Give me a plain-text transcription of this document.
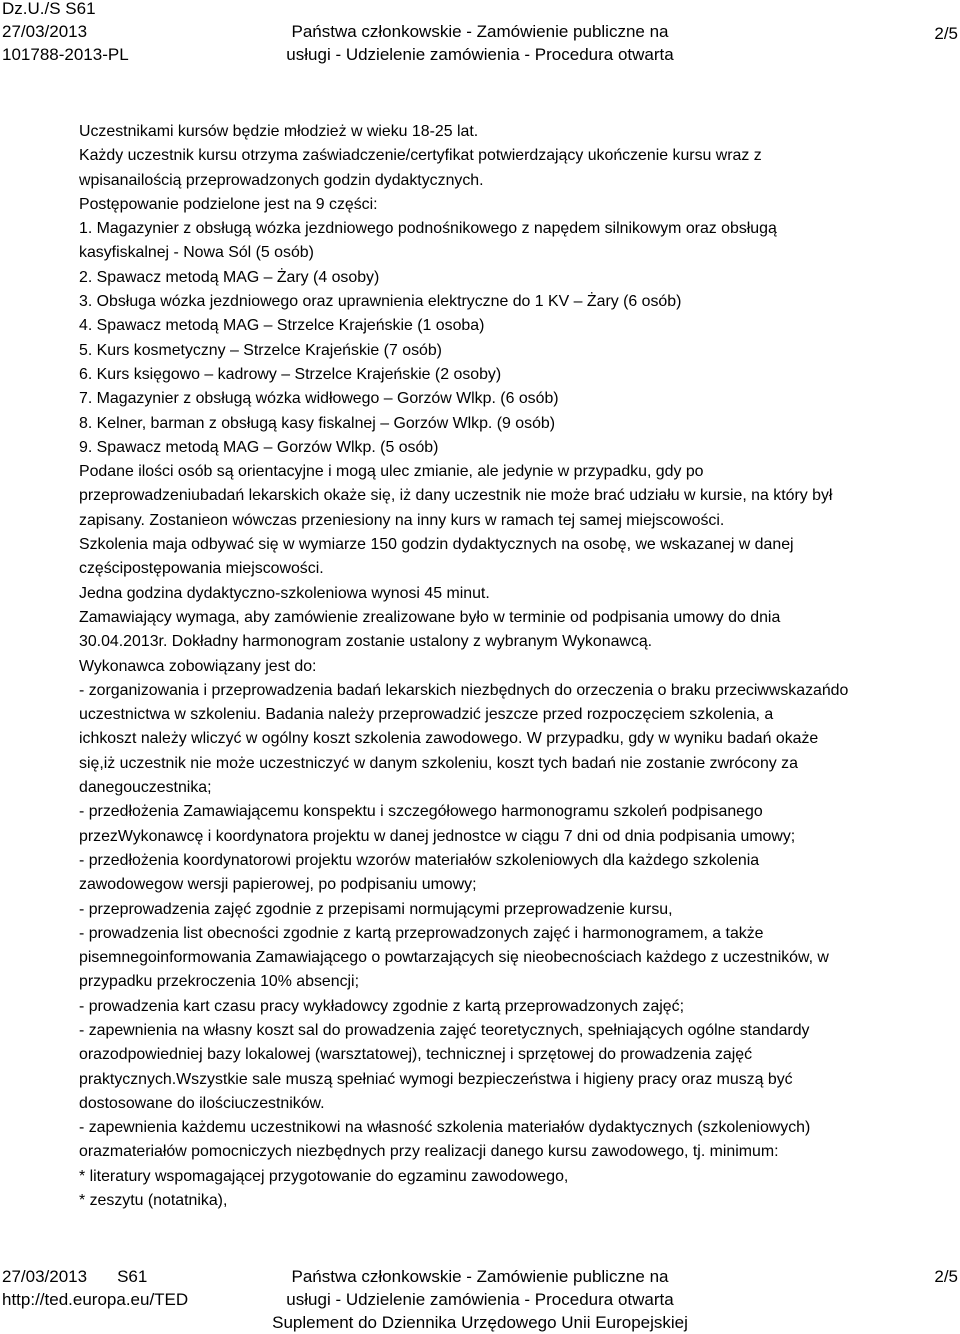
Dz.U./S S61
27/03/2013
101788-2013-PL
Państwa członkowskie - Zamówienie publiczne na
usługi - Udzielenie zamówienia - Procedura otwarta
2/5

Uczestnikami kursów będzie młodzież w wieku 18-25 lat.

Każdy uczestnik kursu otrzyma zaświadczenie/certyfikat potwierdzający ukończenie kursu wraz z

wpisanailością przeprowadzonych godzin dydaktycznych.

Postępowanie podzielone jest na 9 części:

1. Magazynier z obsługą wózka jezdniowego podnośnikowego z napędem silnikowym oraz obsługą

kasyfiskalnej - Nowa Sól (5 osób)

2. Spawacz metodą MAG – Żary (4 osoby)

3. Obsługa wózka jezdniowego oraz uprawnienia elektryczne do 1 KV – Żary (6 osób)

4. Spawacz metodą MAG – Strzelce Krajeńskie (1 osoba)

5. Kurs kosmetyczny – Strzelce Krajeńskie (7 osób)

6. Kurs księgowo – kadrowy – Strzelce Krajeńskie (2 osoby)

7. Magazynier z obsługą wózka widłowego – Gorzów Wlkp. (6 osób)

8. Kelner, barman z obsługą kasy fiskalnej – Gorzów Wlkp. (9 osób)

9. Spawacz metodą MAG – Gorzów Wlkp. (5 osób)

Podane ilości osób są orientacyjne i mogą ulec zmianie, ale jedynie w przypadku, gdy po

przeprowadzeniubadań lekarskich okaże się, iż dany uczestnik nie może brać udziału w kursie, na który był

zapisany. Zostanieon wówczas przeniesiony na inny kurs w ramach tej samej miejscowości.

Szkolenia maja odbywać się w wymiarze 150 godzin dydaktycznych na osobę, we wskazanej w danej

częścipostępowania miejscowości.

Jedna godzina dydaktyczno-szkoleniowa wynosi 45 minut.

Zamawiający wymaga, aby zamówienie zrealizowane było w terminie od podpisania umowy do dnia

30.04.2013r. Dokładny harmonogram zostanie ustalony z wybranym Wykonawcą.

Wykonawca zobowiązany jest do:

- zorganizowania i przeprowadzenia badań lekarskich niezbędnych do orzeczenia o braku przeciwwskazańdo

uczestnictwa w szkoleniu. Badania należy przeprowadzić jeszcze przed rozpoczęciem szkolenia, a

ichkoszt należy wliczyć w ogólny koszt szkolenia zawodowego. W przypadku, gdy w wyniku badań okaże

się,iż uczestnik nie może uczestniczyć w danym szkoleniu, koszt tych badań nie zostanie zwrócony za

danegouczestnika;

- przedłożenia Zamawiającemu konspektu i szczegółowego harmonogramu szkoleń podpisanego

przezWykonawcę i koordynatora projektu w danej jednostce w ciągu 7 dni od dnia podpisania umowy;

- przedłożenia koordynatorowi projektu wzorów materiałów szkoleniowych dla każdego szkolenia

zawodowegow wersji papierowej, po podpisaniu umowy;

- przeprowadzenia zajęć zgodnie z przepisami normującymi przeprowadzenie kursu,

- prowadzenia list obecności zgodnie z kartą przeprowadzonych zajęć i harmonogramem, a także

pisemnegoinformowania Zamawiającego o powtarzających się nieobecnościach każdego z uczestników, w

przypadku przekroczenia 10% absencji;

- prowadzenia kart czasu pracy wykładowcy zgodnie z kartą przeprowadzonych zajęć;

- zapewnienia na własny koszt sal do prowadzenia zajęć teoretycznych, spełniających ogólne standardy

orazodpowiedniej bazy lokalowej (warsztatowej), technicznej i sprzętowej do prowadzenia zajęć

praktycznych.Wszystkie sale muszą spełniać wymogi bezpieczeństwa i higieny pracy oraz muszą być

dostosowane do ilościuczestników.

- zapewnienia każdemu uczestnikowi na własność szkolenia materiałów dydaktycznych (szkoleniowych)

orazmateriałów pomocniczych niezbędnych przy realizacji danego kursu zawodowego, tj. minimum:

* literatury wspomagającej przygotowanie do egzaminu zawodowego,

* zeszytu (notatnika),

27/03/2013 S61
http://ted.europa.eu/TED
Państwa członkowskie - Zamówienie publiczne na
usługi - Udzielenie zamówienia - Procedura otwarta
Suplement do Dziennika Urzędowego Unii Europejskiej
2/5
